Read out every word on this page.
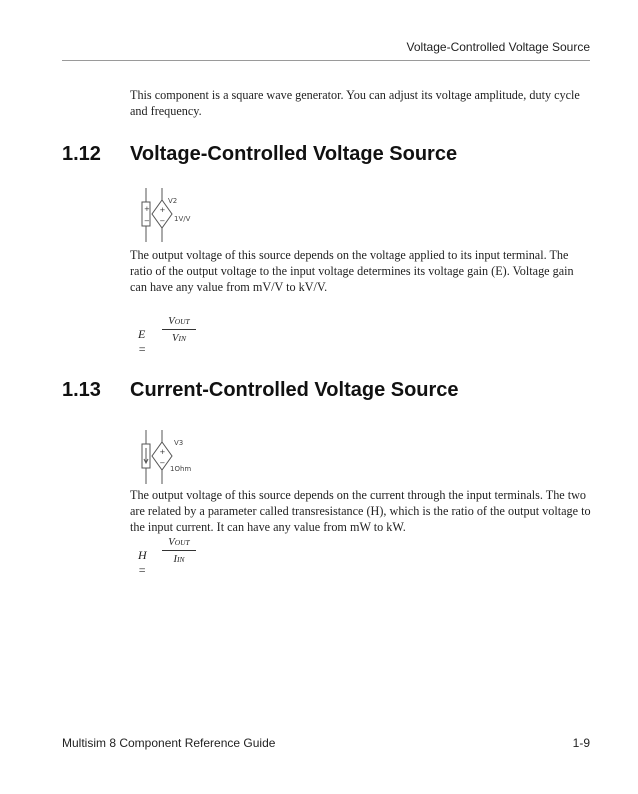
Voltage-Controlled Voltage Source
This component is a square wave generator. You can adjust its voltage amplitude, duty cycle and frequency.
1.12 Voltage-Controlled Voltage Source
+
−
+
−
V2
1V/V
The output voltage of this source depends on the voltage applied to its input terminal. The ratio of the output voltage to the input voltage determines its voltage gain (E). Voltage gain can have any value from mV/V to kV/V.
E =
VOUT
VIN
1.13 Current-Controlled Voltage Source
+
−
V3
1Ohm
The output voltage of this source depends on the current through the input terminals. The two are related by a parameter called transresistance (H), which is the ratio of the output voltage to the input current. It can have any value from mW to kW.
H =
VOUT
IIN
Multisim 8 Component Reference Guide	1-9
